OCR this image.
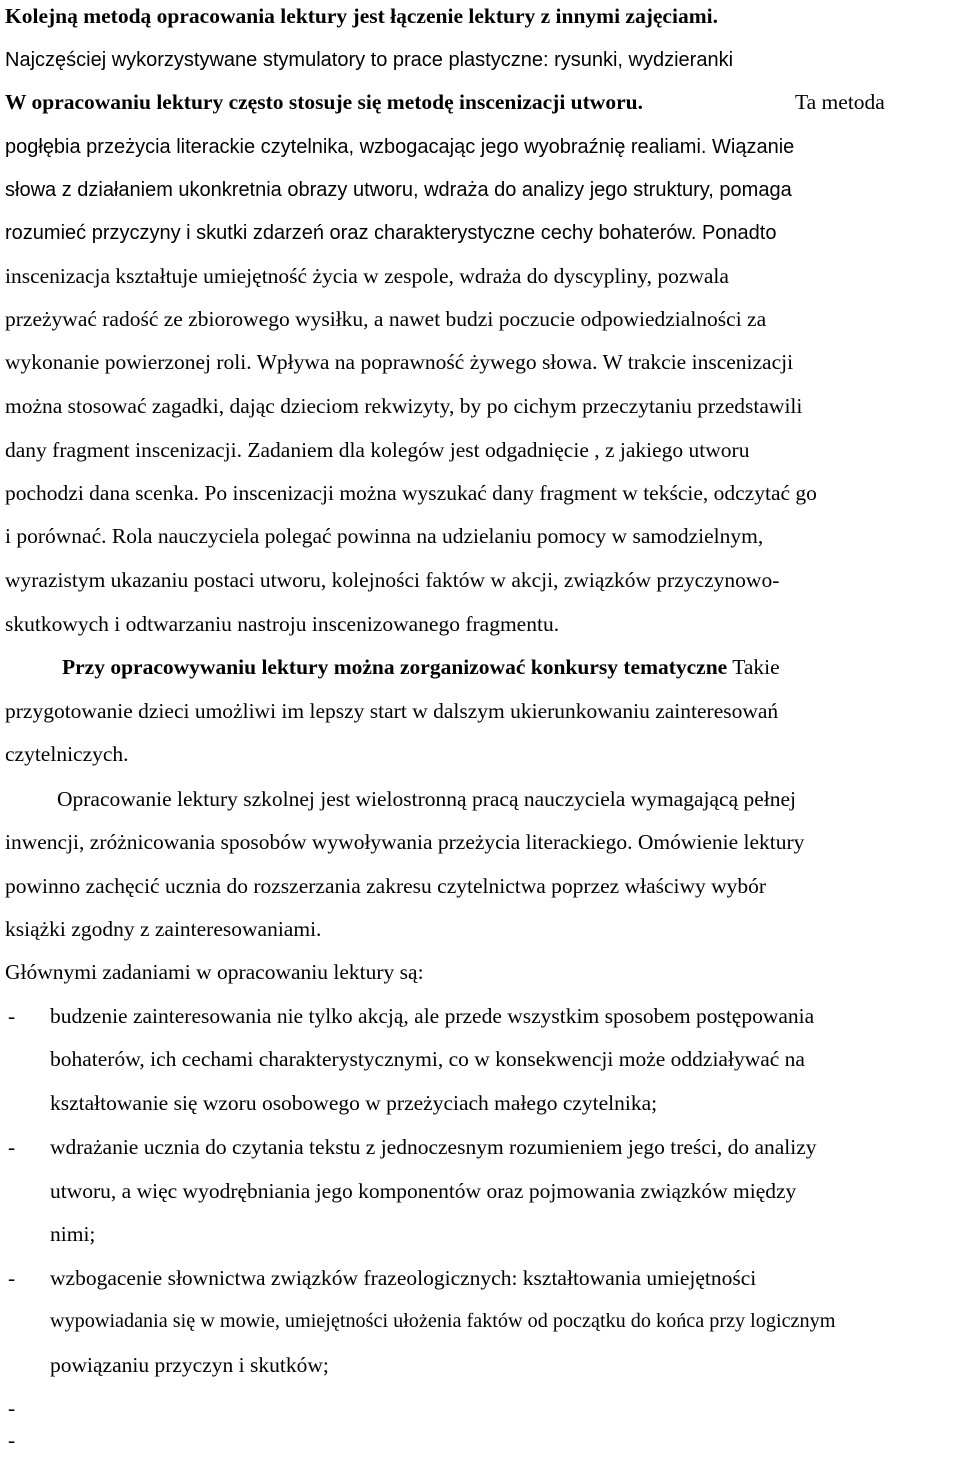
Kolejną metodą opracowania lektury jest łączenie lektury z innymi zajęciami.
Najczęściej wykorzystywane stymulatory to prace plastyczne: rysunki, wydzieranki
W opracowaniu lektury często stosuje się metodę inscenizacji utworu.	Ta metoda
pogłębia przeżycia literackie czytelnika, wzbogacając jego wyobraźnię realiami. Wiązanie
słowa z działaniem ukonkretnia obrazy utworu, wdraża do analizy jego struktury, pomaga
rozumieć przyczyny i skutki zdarzeń oraz charakterystyczne cechy bohaterów. Ponadto
inscenizacja kształtuje umiejętność życia w zespole, wdraża do dyscypliny, pozwala
przeżywać radość ze zbiorowego wysiłku, a nawet budzi poczucie odpowiedzialności za
wykonanie powierzonej roli. Wpływa na poprawność żywego słowa. W trakcie inscenizacji
można stosować zagadki, dając dzieciom rekwizyty, by po cichym przeczytaniu przedstawili
dany fragment inscenizacji. Zadaniem dla kolegów jest odgadnięcie , z jakiego utworu
pochodzi dana scenka. Po inscenizacji można wyszukać dany fragment w tekście, odczytać go
i porównać. Rola nauczyciela polegać powinna na udzielaniu pomocy w samodzielnym,
wyrazistym ukazaniu postaci utworu, kolejności faktów w akcji, związków przyczynowo-
skutkowych i odtwarzaniu nastroju inscenizowanego fragmentu.
Przy opracowywaniu lektury można zorganizować konkursy tematyczne Takie
przygotowanie dzieci umożliwi im lepszy start w dalszym ukierunkowaniu zainteresowań
czytelniczych.
Opracowanie lektury szkolnej jest wielostronną pracą nauczyciela wymagającą pełnej
inwencji, zróżnicowania sposobów wywoływania przeżycia literackiego. Omówienie lektury
powinno zachęcić ucznia do rozszerzania zakresu czytelnictwa poprzez właściwy wybór
książki zgodny z zainteresowaniami.
Głównymi zadaniami w opracowaniu lektury są:
- budzenie zainteresowania nie tylko akcją, ale przede wszystkim sposobem postępowania
bohaterów, ich cechami charakterystycznymi, co w konsekwencji może oddziaływać na
kształtowanie się wzoru osobowego w przeżyciach małego czytelnika;
- wdrażanie ucznia do czytania tekstu z jednoczesnym rozumieniem jego treści, do analizy
utworu, a więc wyodrębniania jego komponentów oraz pojmowania związków między
nimi;
- wzbogacenie słownictwa związków frazeologicznych: kształtowania umiejętności
wypowiadania się w mowie, umiejętności ułożenia faktów od początku do końca przy logicznym
powiązaniu przyczyn i skutków;
-
-
